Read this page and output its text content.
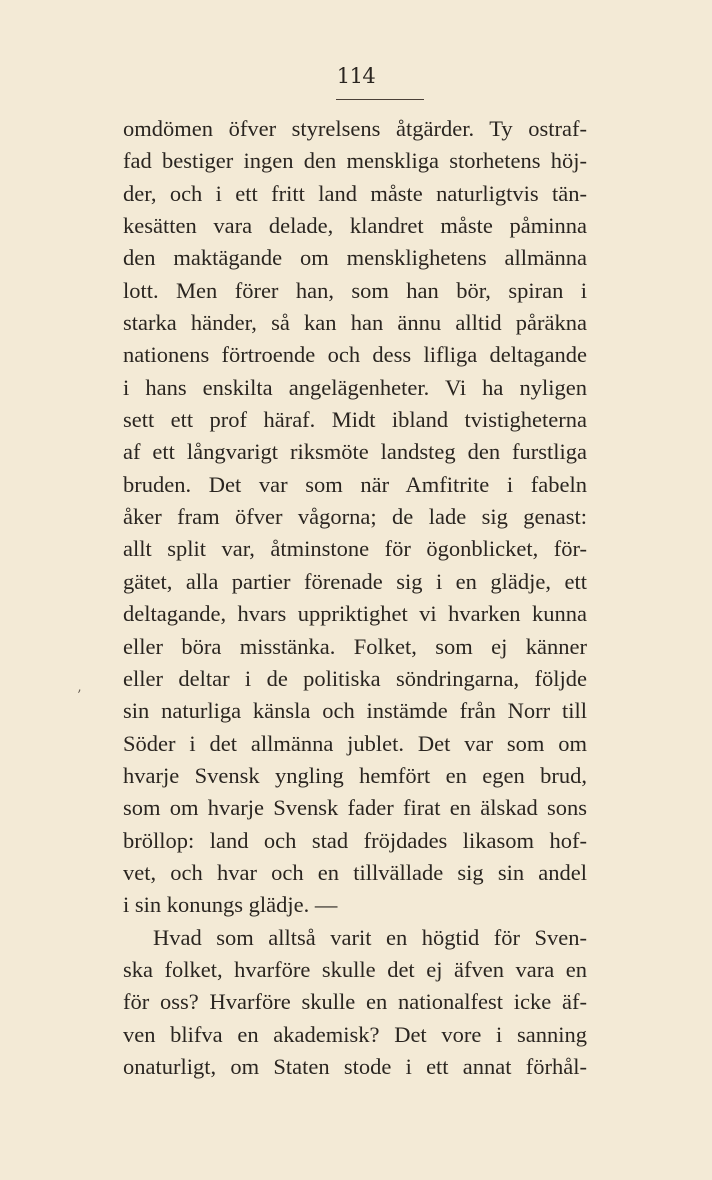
114
’
omdömen öfver styrelsens åtgärder. Ty ostraf-
fad bestiger ingen den menskliga storhetens höj-
der, och i ett fritt land måste naturligtvis tän-
kesätten vara delade, klandret måste påminna
den maktägande om mensklighetens allmänna
lott. Men förer han, som han bör, spiran i
starka händer, så kan han ännu alltid påräkna
nationens förtroende och dess lifliga deltagande
i hans enskilta angelägenheter. Vi ha nyligen
sett ett prof häraf. Midt ibland tvistigheterna
af ett långvarigt riksmöte landsteg den furstliga
bruden. Det var som när Amfitrite i fabeln
åker fram öfver vågorna; de lade sig genast:
allt split var, åtminstone för ögonblicket, för-
gätet, alla partier förenade sig i en glädje, ett
deltagande, hvars uppriktighet vi hvarken kunna
eller böra misstänka. Folket, som ej känner
eller deltar i de politiska söndringarna, följde
sin naturliga känsla och instämde från Norr till
Söder i det allmänna jublet. Det var som om
hvarje Svensk yngling hemfört en egen brud,
som om hvarje Svensk fader firat en älskad sons
bröllop: land och stad fröjdades likasom hof-
vet, och hvar och en tillvällade sig sin andel
i sin konungs glädje. —
Hvad som alltså varit en högtid för Sven-
ska folket, hvarföre skulle det ej äfven vara en
för oss? Hvarföre skulle en nationalfest icke äf-
ven blifva en akademisk? Det vore i sanning
onaturligt, om Staten stode i ett annat förhål-
